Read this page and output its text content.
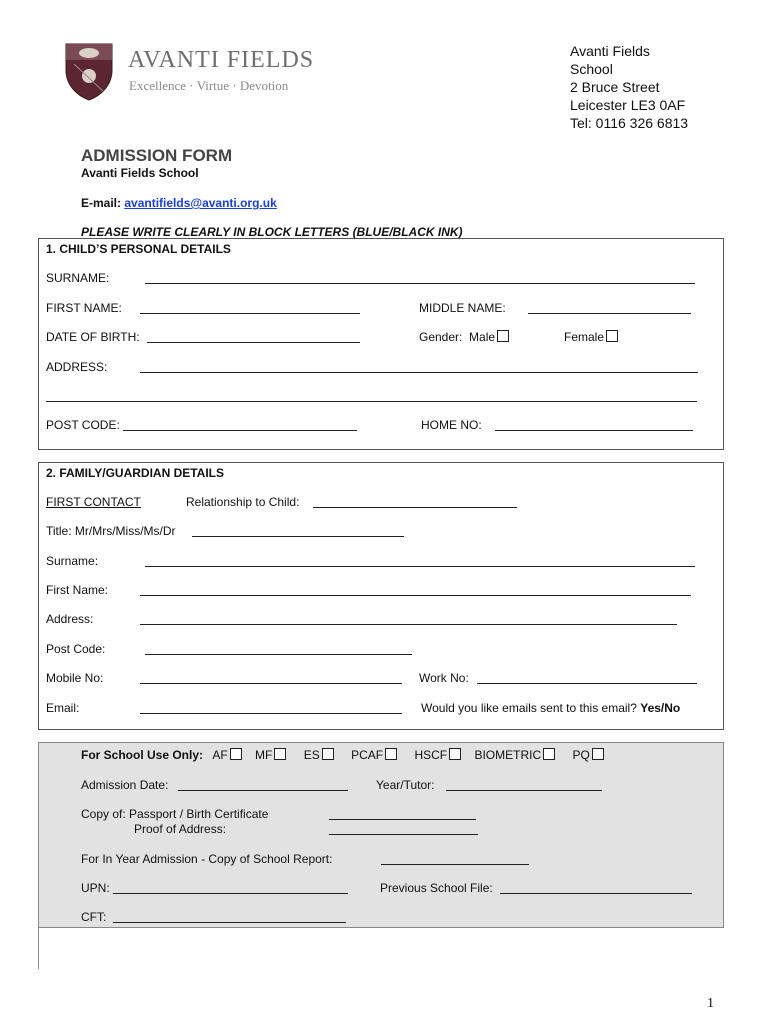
AVANTI FIELDS
Excellence · Virtue · Devotion
Avanti Fields
School
2 Bruce Street
Leicester LE3 0AF
Tel: 0116 326 6813
ADMISSION FORM
Avanti Fields School
E-mail: avantifields@avanti.org.uk
PLEASE WRITE CLEARLY IN BLOCK LETTERS (BLUE/BLACK INK)
1. CHILD’S PERSONAL DETAILS
SURNAME:
FIRST NAME:	MIDDLE NAME:
DATE OF BIRTH:	Gender: Male	Female
ADDRESS:
POST CODE:	HOME NO:
2. FAMILY/GUARDIAN DETAILS
FIRST CONTACT	Relationship to Child:
Title: Mr/Mrs/Miss/Ms/Dr
Surname:
First Name:
Address:
Post Code:
Mobile No:	Work No:
Email:	Would you like emails sent to this email? Yes/No
For School Use Only: AF MF	ES	PCAF	HSCF BIOMETRIC	PQ
Admission Date:	Year/Tutor:
Copy of: Passport / Birth Certificate
Proof of Address:
For In Year Admission - Copy of School Report:
UPN:	Previous School File:
CFT:
1
